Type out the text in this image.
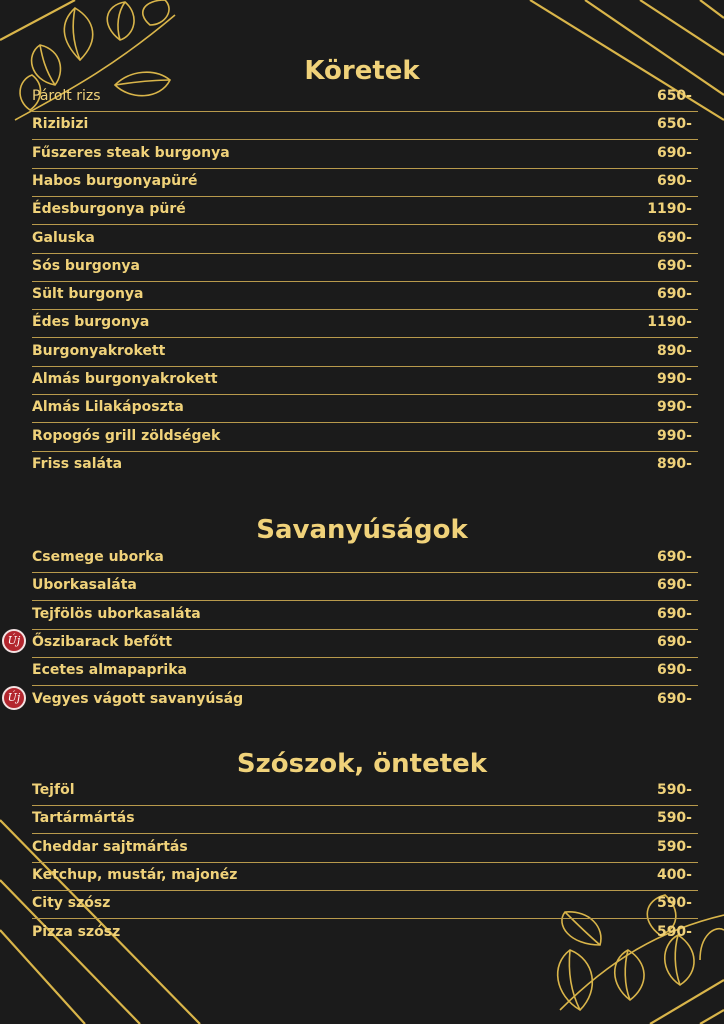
Köretek
Párolt rizs	650-
Rizibizi	650-
Fűszeres steak burgonya	690-
Habos burgonyapüré	690-
Édesburgonya püré	1190-
Galuska	690-
Sós burgonya	690-
Sült burgonya	690-
Édes burgonya	1190-
Burgonyakrokett	890-
Almás burgonyakrokett	990-
Almás Lilakáposzta	990-
Ropogós grill zöldségek	990-
Friss saláta	890-
Savanyúságok
Csemege uborka	690-
Uborkasaláta	690-
Tejfölös uborkasaláta	690-
Új Őszibarack befőtt	690-
Ecetes almapaprika	690-
Új Vegyes vágott savanyúság	690-
Szószok, öntetek
Tejföl	590-
Tartármártás	590-
Cheddar sajtmártás	590-
Ketchup, mustár, majonéz	400-
City szósz	590-
Pizza szósz	590-
